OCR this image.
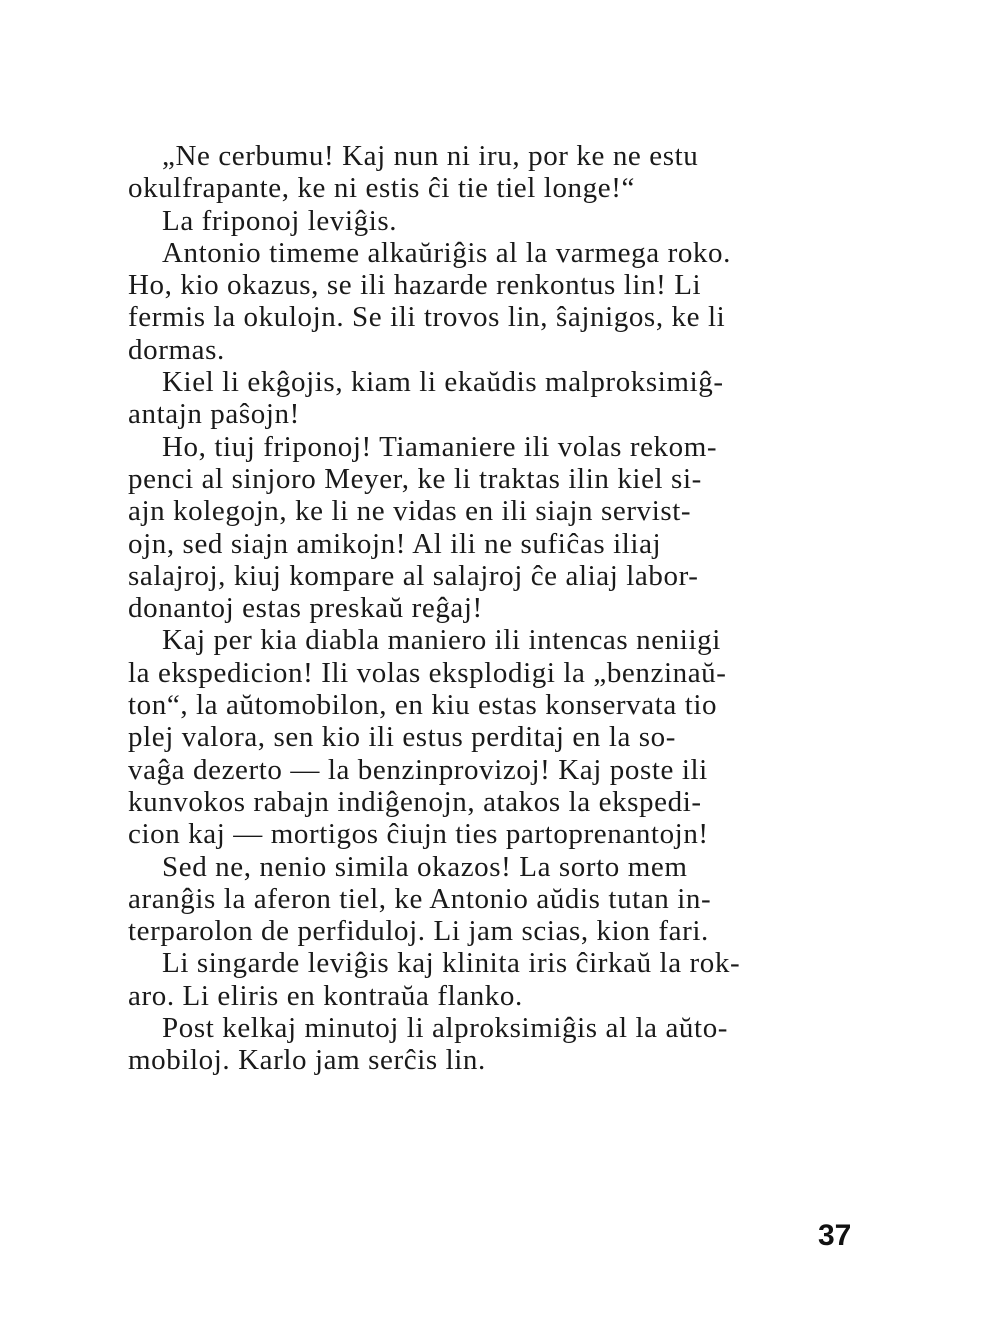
„Ne cerbumu! Kaj nun ni iru, por ke ne estu
okulfrapante, ke ni estis ĉi tie tiel longe!“
La friponoj leviĝis.
Antonio timeme alkaŭriĝis al la varmega roko.
Ho, kio okazus, se ili hazarde renkontus lin! Li
fermis la okulojn. Se ili trovos lin, ŝajnigos, ke li
dormas.
Kiel li ekĝojis, kiam li ekaŭdis malproksimiĝ-
antajn paŝojn!
Ho, tiuj friponoj! Tiamaniere ili volas rekom-
penci al sinjoro Meyer, ke li traktas ilin kiel si-
ajn kolegojn, ke li ne vidas en ili siajn servist-
ojn, sed siajn amikojn! Al ili ne sufiĉas iliaj
salajroj, kiuj kompare al salajroj ĉe aliaj labor-
donantoj estas preskaŭ reĝaj!
Kaj per kia diabla maniero ili intencas neniigi
la ekspedicion! Ili volas eksplodigi la „benzinaŭ-
ton“, la aŭtomobilon, en kiu estas konservata tio
plej valora, sen kio ili estus perditaj en la so-
vaĝa dezerto — la benzinprovizoj! Kaj poste ili
kunvokos rabajn indiĝenojn, atakos la ekspedi-
cion kaj — mortigos ĉiujn ties partoprenantojn!
Sed ne, nenio simila okazos! La sorto mem
aranĝis la aferon tiel, ke Antonio aŭdis tutan in-
terparolon de perfiduloj. Li jam scias, kion fari.
Li singarde leviĝis kaj klinita iris ĉirkaŭ la rok-
aro. Li eliris en kontraŭa flanko.
Post kelkaj minutoj li alproksimiĝis al la aŭto-
mobiloj. Karlo jam serĉis lin.
37
